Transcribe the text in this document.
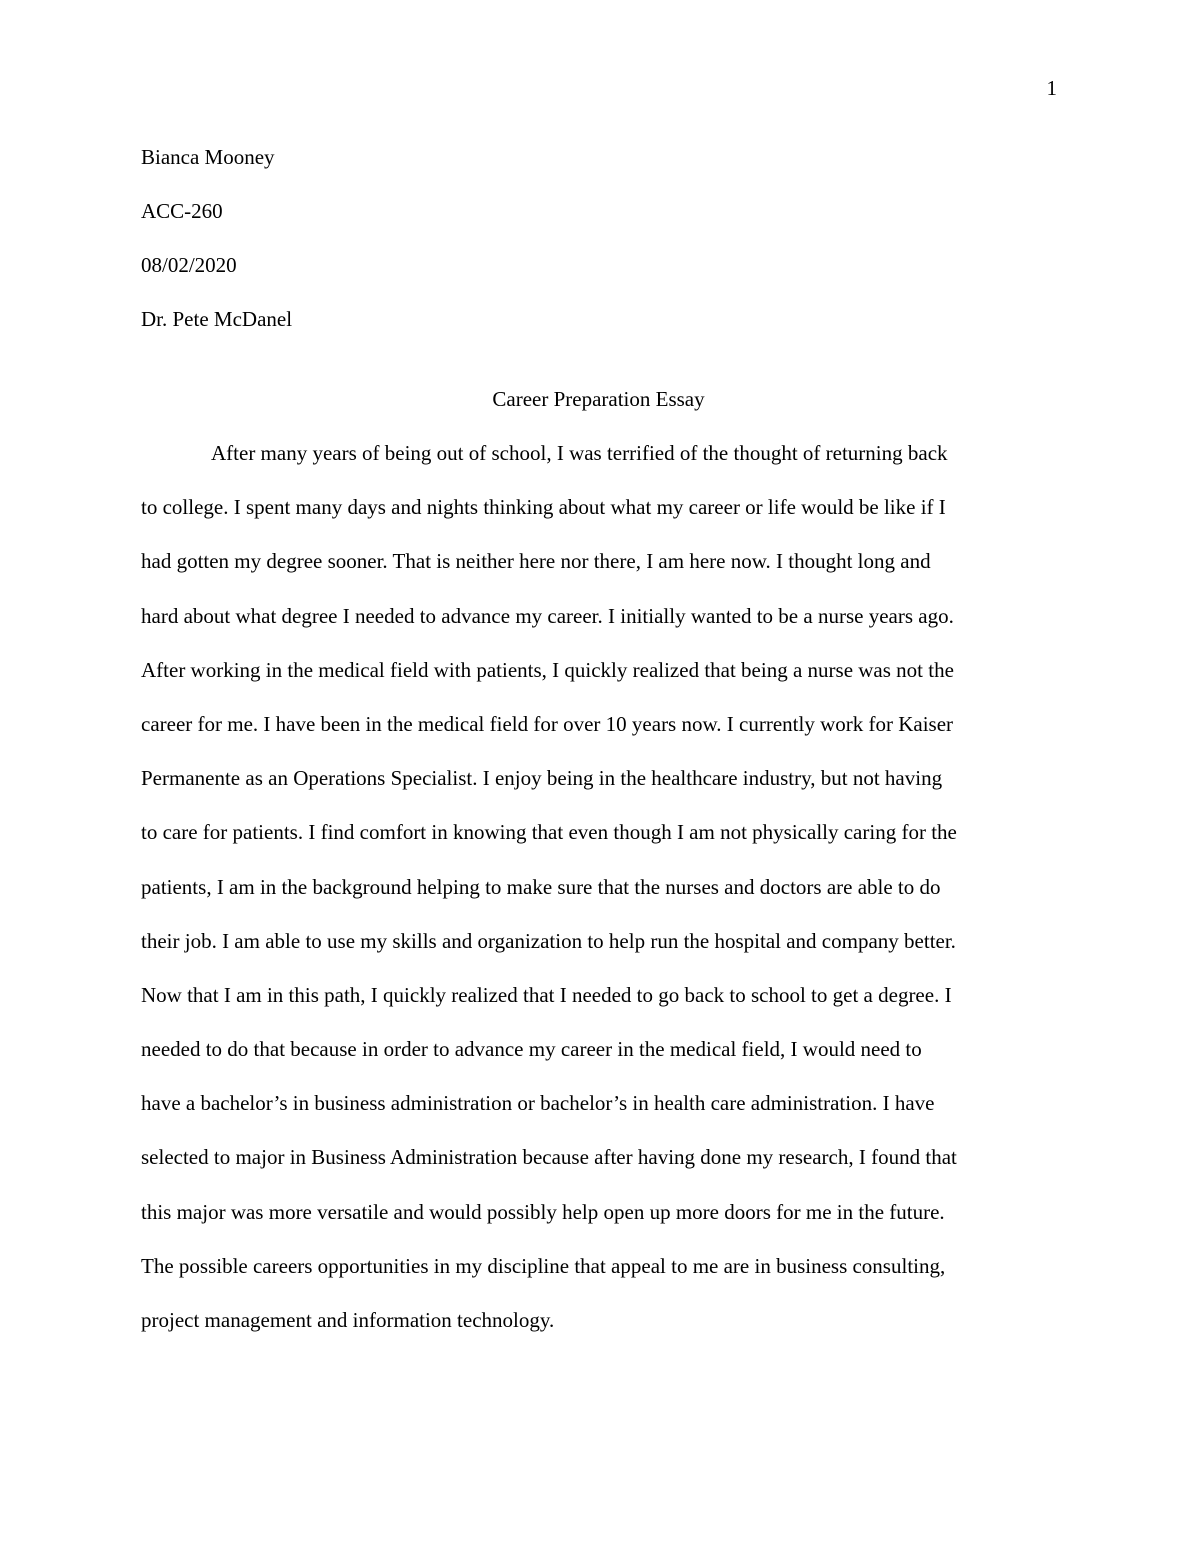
1
Bianca Mooney
ACC-260
08/02/2020
Dr. Pete McDanel
Career Preparation Essay
After many years of being out of school, I was terrified of the thought of returning back
to college. I spent many days and nights thinking about what my career or life would be like if I
had gotten my degree sooner. That is neither here nor there, I am here now. I thought long and
hard about what degree I needed to advance my career. I initially wanted to be a nurse years ago.
After working in the medical field with patients, I quickly realized that being a nurse was not the
career for me. I have been in the medical field for over 10 years now. I currently work for Kaiser
Permanente as an Operations Specialist. I enjoy being in the healthcare industry, but not having
to care for patients. I find comfort in knowing that even though I am not physically caring for the
patients, I am in the background helping to make sure that the nurses and doctors are able to do
their job. I am able to use my skills and organization to help run the hospital and company better.
Now that I am in this path, I quickly realized that I needed to go back to school to get a degree. I
needed to do that because in order to advance my career in the medical field, I would need to
have a bachelor’s in business administration or bachelor’s in health care administration. I have
selected to major in Business Administration because after having done my research, I found that
this major was more versatile and would possibly help open up more doors for me in the future.
The possible careers opportunities in my discipline that appeal to me are in business consulting,
project management and information technology.
